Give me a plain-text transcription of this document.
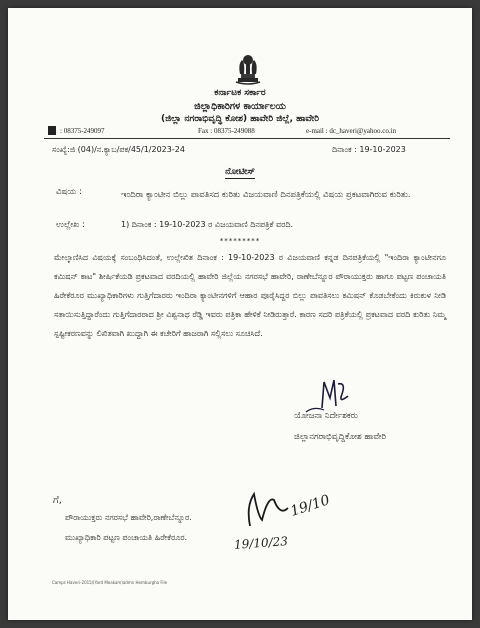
ಕರ್ನಾಟಕ ಸರ್ಕಾರ
ಜಿಲ್ಲಾಧಿಕಾರಿಗಳ ಕಾರ್ಯಾಲಯ
(ಜಿಲ್ಲಾ ನಗರಾಭಿವೃದ್ಧಿ ಕೋಶ) ಹಾವೇರಿ ಜಿಲ್ಲೆ, ಹಾವೇರಿ
: 08375-249097	Fax : 08375-249088	e-mail : dc_haveri@yahoo.co.in
ಸಂಖ್ಯೆ:ಜಿ (04)/ನ.ಕ್ಯಾಬ/ಪಕ/45/1/2023-24	ದಿನಾಂಕ : 19-10-2023
ನೋಟೀಸ್
ವಿಷಯ :	ಇಂದಿರಾ ಕ್ಯಾಂಟೀನ ಬಿಲ್ಲು ಪಾವತಿಸದ ಕುರಿತು ವಿಜಯವಾಣಿ ದಿನಪತ್ರಿಕೆಯಲ್ಲಿ ವಿಷಯ ಪ್ರಕಟವಾಗಿರುವ ಕುರಿತು.
ಉಲ್ಲೇಖ :	1) ದಿನಾಂಕ : 19-10-2023 ರ ವಿಜಯವಾಣಿ ದಿನಪತ್ರಿಕೆ ವರದಿ.
*********
ಮೇಲ್ಕಾಣಿಸಿದ ವಿಷಯಕ್ಕೆ ಸಂಬಂಧಿಸಿದಂತೆ, ಉಲ್ಲೇಖಿತ ದಿನಾಂಕ : 19-10-2023 ರ ವಿಜಯವಾಣಿ ಕನ್ನಡ ದಿನಪತ್ರಿಕೆಯಲ್ಲಿ "ಇಂದಿರಾ ಕ್ಯಾಂಟೀನಗೂ ಕಮಿಷನ್ ಕಾಟ" ಶೀರ್ಷಿಕೆಯಡಿ ಪ್ರಕಟವಾದ ವರದಿಯಲ್ಲಿ ಹಾವೇರಿ ಜಿಲ್ಲೆಯ ನಗರಸಭೆ ಹಾವೇರಿ, ರಾಣೇಬೆನ್ನೂರ ಪೌರಾಯುಕ್ತರು ಹಾಗೂ ಪಟ್ಟಣ ಪಂಚಾಯತಿ ಹಿರೇಕೆರೂರ ಮುಖ್ಯಾಧಿಕಾರಿಗಳು ಗುತ್ತಿಗೆದಾರರು ಇಂದಿರಾ ಕ್ಯಾಂಟೀನಗಳಿಗೆ ಆಹಾರ ಪೂರೈಸಿದ್ದರ ಬಿಲ್ಲು ಪಾವತಿಸಲು ಕಮಿಷನ್ ಕೊಡಬೇಕೆಂದು ಕಿರುಕುಳ ನೀಡಿ ಸತಾಯಿಸುತ್ತಿದ್ದಾರೆಂದು ಗುತ್ತಿಗೆದಾರರಾದ ಶ್ರೀ ವಿಶ್ವನಾಥ ರೆಡ್ಡಿ ಇವರು ಪತ್ರಿಕಾ ಹೇಳಿಕೆ ನೀಡಿರುತ್ತಾರೆ. ಕಾರಣ ಸದರಿ ಪತ್ರಿಕೆಯಲ್ಲಿ ಪ್ರಕಟವಾದ ವರದಿ ಕುರಿತು ನಿಮ್ಮ ಸ್ಪಷ್ಟೀಕರಣವನ್ನು ಲಿಖಿತವಾಗಿ ಖುದ್ದಾಗಿ ಈ ಕಚೇರಿಗೆ ಹಾಜರಾಗಿ ಸಲ್ಲಿಸಲು ಸೂಚಿಸಿದೆ.
ಯೋಜನಾ ನಿರ್ದೇಶಕರು
ಜಿಲ್ಲಾನಗರಾಭಿವೃದ್ದಿಕೋಶ ಹಾವೇರಿ
ಗೆ,
ಪೌರಾಯುಕ್ತರು ನಗರಸಭೆ ಹಾವೇರಿ,ರಾಣೇಬೆನ್ನೂರ.
ಮುಖ್ಯಾಧಿಕಾರಿ ಪಟ್ಟಣ ಪಂಚಾಯತಿ ಹಿರೇಕೆರೂರ.
19/10
19/10/23
Camps Haveri-2015/(Yard Meakam)admn Hemburgha File
